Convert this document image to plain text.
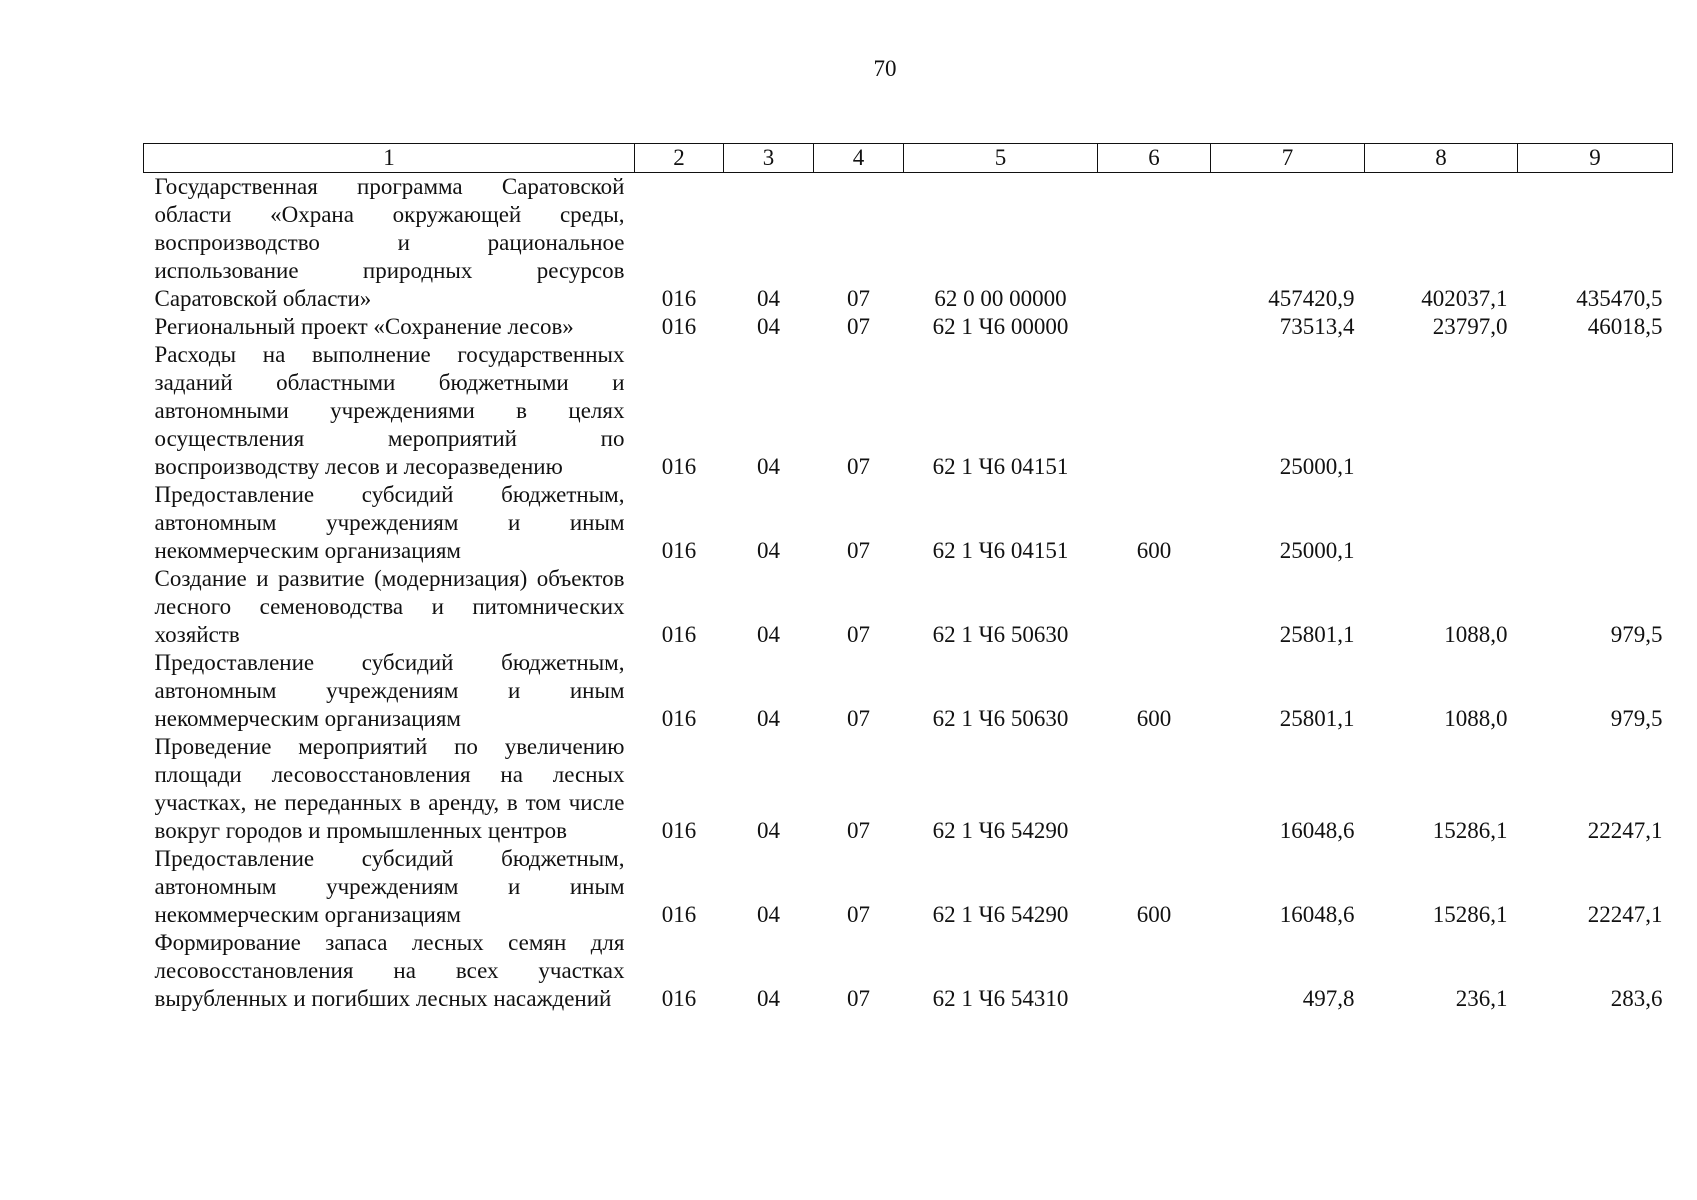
70
1	2	3	4	5	6	7	8	9
Государственная программа Саратовской области «Охрана окружающей среды, воспроизводство и рациональное использование природных ресурсов Саратовской области»	016	04	07	62 0 00 00000		457420,9	402037,1	435470,5
Региональный проект «Сохранение лесов»	016	04	07	62 1 Ч6 00000		73513,4	23797,0	46018,5
Расходы на выполнение государственных заданий областными бюджетными и автономными учреждениями в целях осуществления мероприятий по воспроизводству лесов и лесоразведению	016	04	07	62 1 Ч6 04151		25000,1		
Предоставление субсидий бюджетным, автономным учреждениям и иным некоммерческим организациям	016	04	07	62 1 Ч6 04151	600	25000,1		
Создание и развитие (модернизация) объектов лесного семеноводства и питомнических хозяйств	016	04	07	62 1 Ч6 50630		25801,1	1088,0	979,5
Предоставление субсидий бюджетным, автономным учреждениям и иным некоммерческим организациям	016	04	07	62 1 Ч6 50630	600	25801,1	1088,0	979,5
Проведение мероприятий по увеличению площади лесовосстановления на лесных участках, не переданных в аренду, в том числе вокруг городов и промышленных центров	016	04	07	62 1 Ч6 54290		16048,6	15286,1	22247,1
Предоставление субсидий бюджетным, автономным учреждениям и иным некоммерческим организациям	016	04	07	62 1 Ч6 54290	600	16048,6	15286,1	22247,1
Формирование запаса лесных семян для лесовосстановления на всех участках вырубленных и погибших лесных насаждений	016	04	07	62 1 Ч6 54310		497,8	236,1	283,6
